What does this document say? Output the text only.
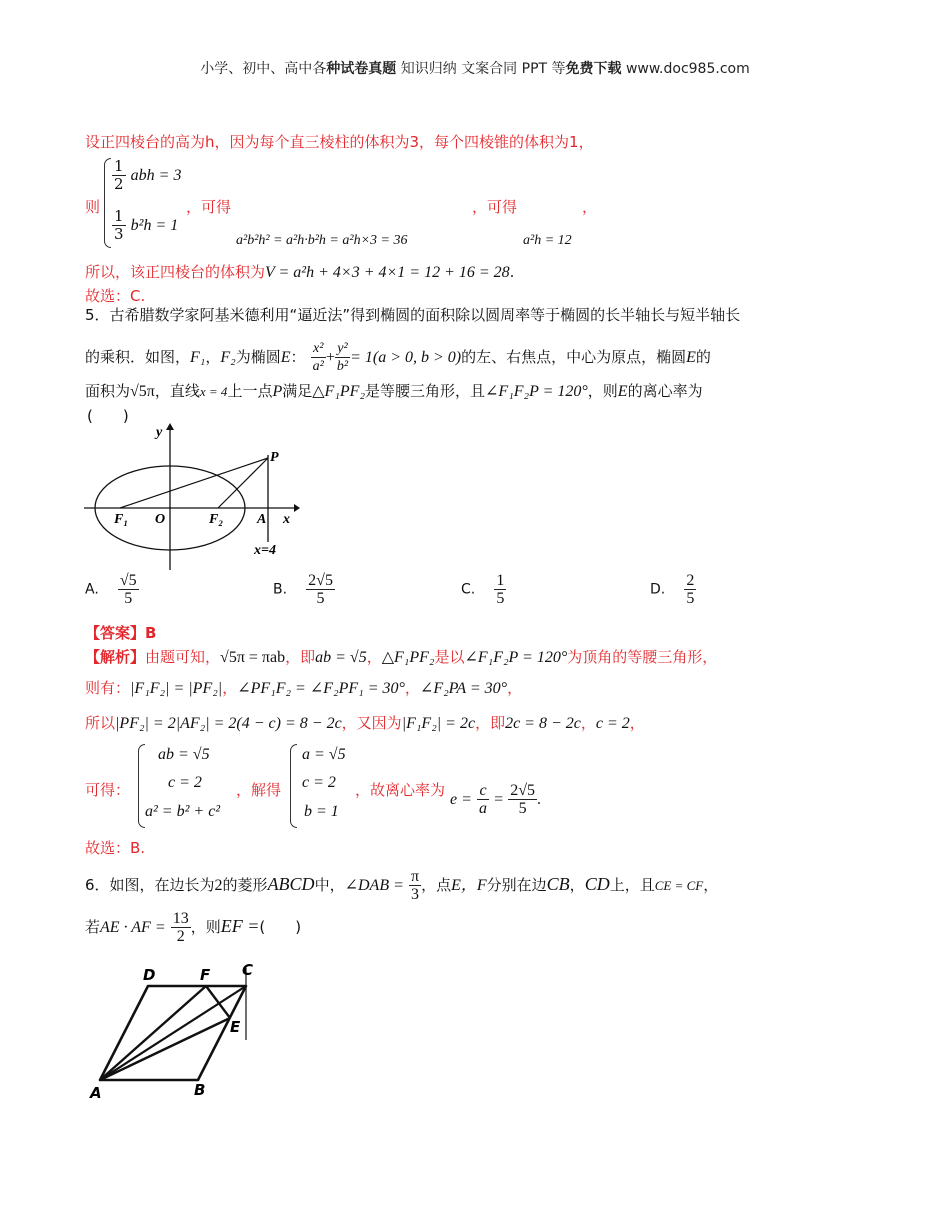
小学、初中、高中各种试卷真题 知识归纳 文案合同 PPT 等免费下载 www.doc985.com
设正四棱台的高为h，因为每个直三棱柱的体积为3，每个四棱锥的体积为1，
则
$\frac{1}{2}$ abh = 3
$\frac{1}{3} b^2h = 1$
，可得	，可得	，
a²b²h² = a²h·b²h = a²h×3 = 36	a²h = 12
所以，该正四棱台的体积为V = a²h + 4×3 + 4×1 = 12 + 16 = 28.
故选：C.
5．古希腊数学家阿基米德利用“逼近法”得到椭圆的面积除以圆周率等于椭圆的长半轴长与短半轴长
的乘积．如图，F₁，F₂为椭圆E： $\frac{\text{x²}}{\text{a²}} + \frac{\text{y²}}{\text{b²}} = 1(a > 0$, b > 0)的左、右焦点，中心为原点，椭圆E的
面积为√5π，直线x = 4上一点P满足△F₁PF₂是等腰三角形，且∠F₁F₂P = 120°，则E的离心率为
(　　)
y
x
P
F₁ O	F₂ A
x=4
A. $\frac{√5}{5}$	B. $\frac{2√5}{5}$	C. $\frac{1}{5}$	D. $\frac{2}{5}$
【答案】B
【解析】由题可知，√5π = πab，即ab = √5，△F₁PF₂是以∠F₁F₂P = 120°为顶角的等腰三角形，
则有：|F₁F₂| = |PF₂|，∠PF₁F₂ = ∠F₂PF₁ = 30°，∠F₂PA = 30°，
所以|PF₂| = 2|AF₂| = 2(4 − c) = 8 − 2c，又因为|F₁F₂| = 2c，即2c = 8 − 2c，c = 2，
可得：
ab = √5
c = 2
a² = b² + c²
，解得
a = √5
c = 2
b = 1
，故离心率为
$e = \frac{c}{a} = \frac{2√5}{5}$ .
故选：B.
6．如图，在边长为2的菱形ABCD中，∠DAB = $\frac{\pi}{3}$ ，点E，F分别在边CB，CD上，且CE = CF，
若AE · AF = $\frac{13}{2}$ ，则EF =(　　)
D	F C
E
A	B
